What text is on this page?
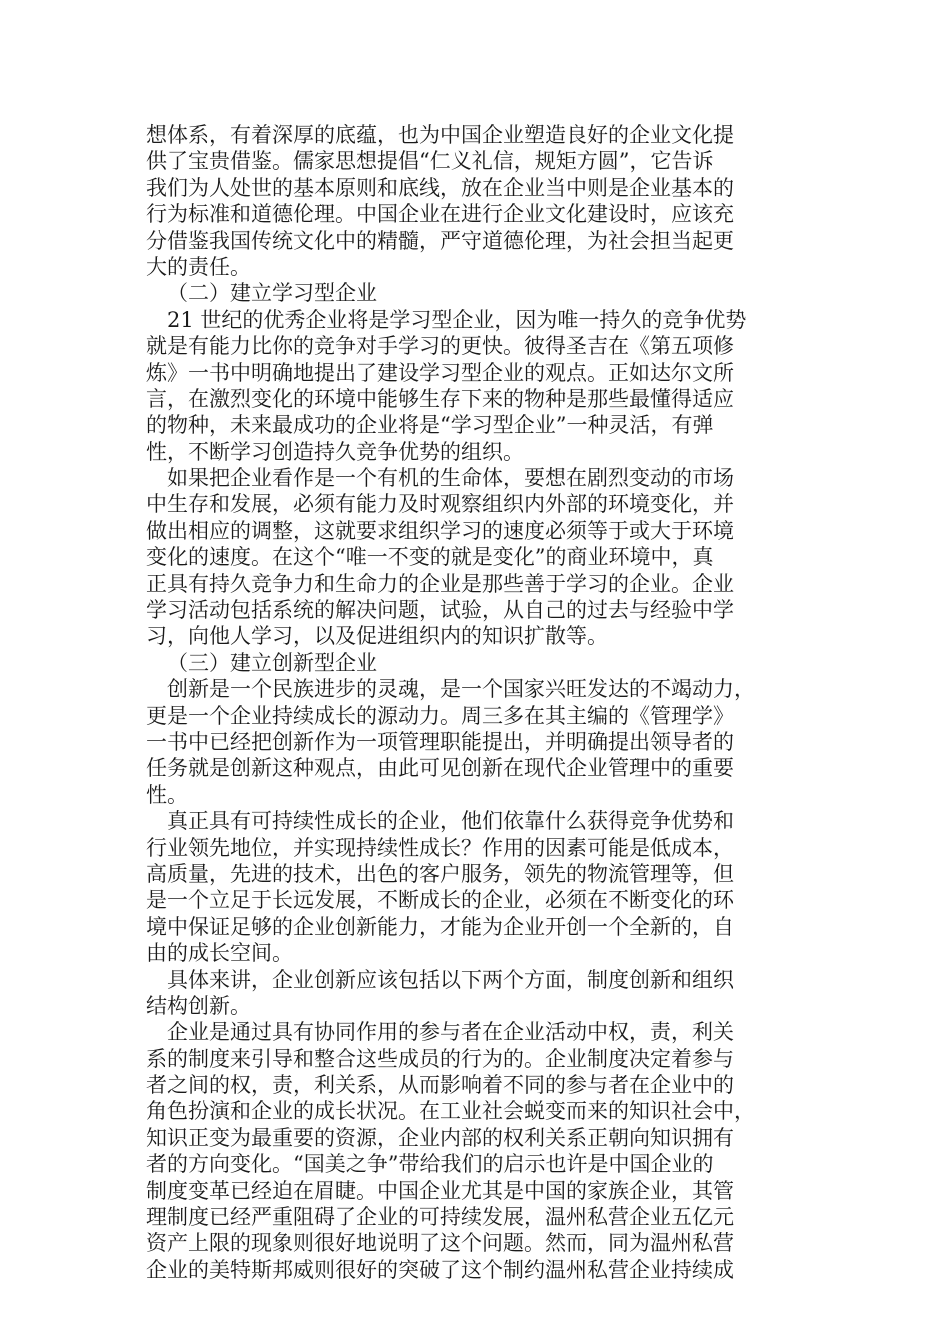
想体系，有着深厚的底蕴，也为中国企业塑造良好的企业文化提
供了宝贵借鉴。儒家思想提倡“仁义礼信，规矩方圆”，它告诉
我们为人处世的基本原则和底线，放在企业当中则是企业基本的
行为标准和道德伦理。中国企业在进行企业文化建设时，应该充
分借鉴我国传统文化中的精髓，严守道德伦理，为社会担当起更
大的责任。
（二）建立学习型企业
21 世纪的优秀企业将是学习型企业，因为唯一持久的竞争优势
就是有能力比你的竞争对手学习的更快。彼得圣吉在《第五项修
炼》一书中明确地提出了建设学习型企业的观点。正如达尔文所
言，在激烈变化的环境中能够生存下来的物种是那些最懂得适应
的物种，未来最成功的企业将是“学习型企业”一种灵活，有弹
性，不断学习创造持久竞争优势的组织。
如果把企业看作是一个有机的生命体，要想在剧烈变动的市场
中生存和发展，必须有能力及时观察组织内外部的环境变化，并
做出相应的调整，这就要求组织学习的速度必须等于或大于环境
变化的速度。在这个“唯一不变的就是变化”的商业环境中，真
正具有持久竞争力和生命力的企业是那些善于学习的企业。企业
学习活动包括系统的解决问题，试验，从自己的过去与经验中学
习，向他人学习，以及促进组织内的知识扩散等。
（三）建立创新型企业
创新是一个民族进步的灵魂，是一个国家兴旺发达的不竭动力，
更是一个企业持续成长的源动力。周三多在其主编的《管理学》
一书中已经把创新作为一项管理职能提出，并明确提出领导者的
任务就是创新这种观点，由此可见创新在现代企业管理中的重要
性。
真正具有可持续性成长的企业，他们依靠什么获得竞争优势和
行业领先地位，并实现持续性成长？作用的因素可能是低成本，
高质量，先进的技术，出色的客户服务，领先的物流管理等，但
是一个立足于长远发展，不断成长的企业，必须在不断变化的环
境中保证足够的企业创新能力，才能为企业开创一个全新的，自
由的成长空间。
具体来讲，企业创新应该包括以下两个方面，制度创新和组织
结构创新。
企业是通过具有协同作用的参与者在企业活动中权，责，利关
系的制度来引导和整合这些成员的行为的。企业制度决定着参与
者之间的权，责，利关系，从而影响着不同的参与者在企业中的
角色扮演和企业的成长状况。在工业社会蜕变而来的知识社会中，
知识正变为最重要的资源，企业内部的权利关系正朝向知识拥有
者的方向变化。“国美之争”带给我们的启示也许是中国企业的
制度变革已经迫在眉睫。中国企业尤其是中国的家族企业，其管
理制度已经严重阻碍了企业的可持续发展，温州私营企业五亿元
资产上限的现象则很好地说明了这个问题。然而，同为温州私营
企业的美特斯邦威则很好的突破了这个制约温州私营企业持续成
